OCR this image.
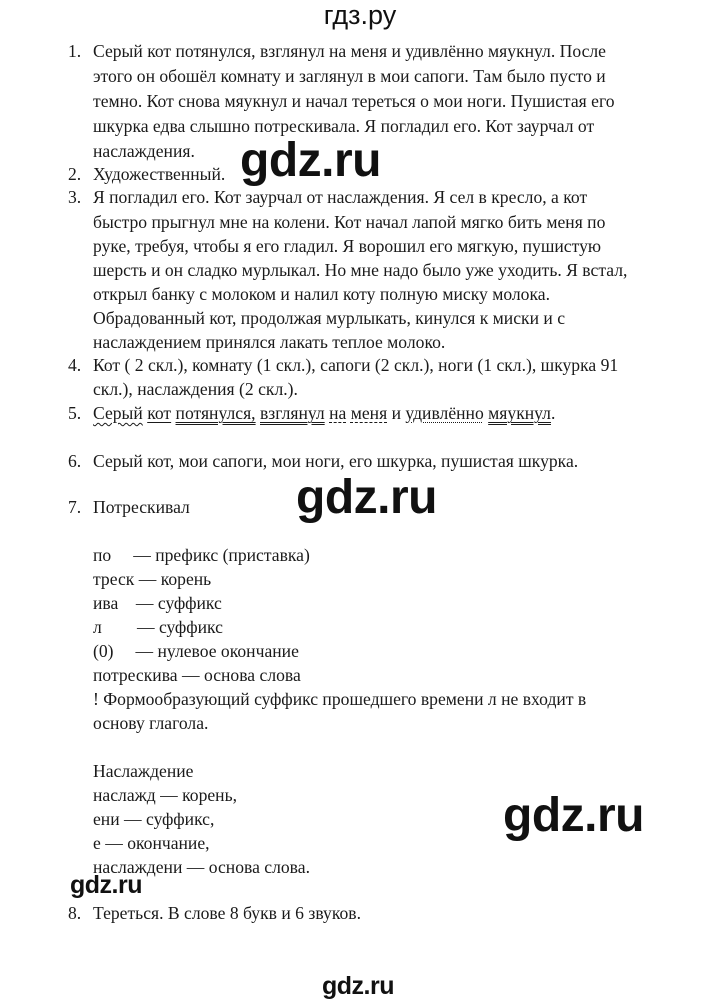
гдз.ру
1. Серый кот потянулся, взглянул на меня и удивлённо мяукнул. После
этого он обошёл комнату и заглянул в мои сапоги. Там было пусто и
темно. Кот снова мяукнул и начал тереться о мои ноги. Пушистая его
шкурка едва слышно потрескивала. Я погладил его. Кот заурчал от
наслаждения.
2. Художественный.
3. Я погладил его. Кот заурчал от наслаждения. Я сел в кресло, а кот
быстро прыгнул мне на колени. Кот начал лапой мягко бить меня по
руке, требуя, чтобы я его гладил. Я ворошил его мягкую, пушистую
шерсть и он сладко мурлыкал. Но мне надо было уже уходить. Я встал,
открыл банку с молоком и налил коту полную миску молока.
Обрадованный кот, продолжая мурлыкать, кинулся к миски и с
наслаждением принялся лакать теплое молоко.
4. Кот ( 2 скл.), комнату (1 скл.), сапоги (2 скл.), ноги (1 скл.), шкурка 91
скл.), наслаждения (2 скл.).
5. Серый кот потянулся, взглянул на меня и удивлённо мяукнул.
6. Серый кот, мои сапоги, мои ноги, его шкурка, пушистая шкурка.
7. Потрескивал
по     — префикс (приставка)
треск — корень
ива    — суффикс
л        — суффикс
(0)     — нулевое окончание
потрескива — основа слова
! Формообразующий суффикс прошедшего времени л не входит в
основу глагола.
Наслаждение
наслажд — корень,
ени — суффикс,
е — окончание,
наслаждени — основа слова.
8. Тереться. В слове 8 букв и 6 звуков.
gdz.ru
gdz.ru
gdz.ru
gdz.ru
gdz.ru
